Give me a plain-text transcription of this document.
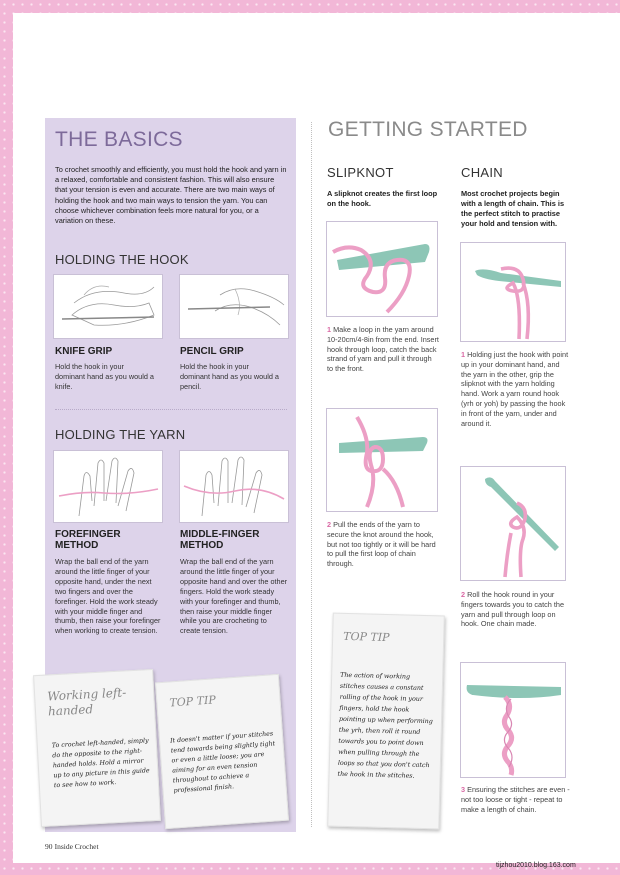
THE BASICS
To crochet smoothly and efficiently, you must hold the hook and yarn in a relaxed, comfortable and consistent fashion. This will also ensure that your tension is even and accurate. There are two main ways of holding the hook and two main ways to tension the yarn. You can choose whichever combination feels more natural for you, or a variation on these.
HOLDING THE HOOK
KNIFE GRIP
Hold the hook in your dominant hand as you would a knife.
PENCIL GRIP
Hold the hook in your dominant hand as you would a pencil.
HOLDING THE YARN
FOREFINGER METHOD
Wrap the ball end of the yarn around the little finger of your opposite hand, under the next two fingers and over the forefinger. Hold the work steady with your middle finger and thumb, then raise your forefinger when working to create tension.
MIDDLE-FINGER METHOD
Wrap the ball end of the yarn around the little finger of your opposite hand and over the other fingers. Hold the work steady with your forefinger and thumb, then raise your middle finger while you are crocheting to create tension.
Working left-handed
To crochet left-handed, simply do the opposite to the right-handed holds. Hold a mirror up to any picture in this guide to see how to work.
TOP TIP
It doesn't matter if your stitches tend towards being slightly tight or even a little loose; you are aiming for an even tension throughout to achieve a professional finish.
GETTING STARTED
SLIPKNOT
A slipknot creates the first loop on the hook.
1 Make a loop in the yarn around 10-20cm/4-8in from the end. Insert hook through loop, catch the back strand of yarn and pull it through to the front.
2 Pull the ends of the yarn to secure the knot around the hook, but not too tightly or it will be hard to pull the first loop of chain through.
TOP TIP
The action of working stitches causes a constant rolling of the hook in your fingers, hold the hook pointing up when performing the yrh, then roll it round towards you to point down when pulling through the loops so that you don't catch the hook in the stitches.
CHAIN
Most crochet projects begin with a length of chain. This is the perfect stitch to practise your hold and tension with.
1 Holding just the hook with point up in your dominant hand, and the yarn in the other, grip the slipknot with the yarn holding hand. Work a yarn round hook (yrh or yoh) by passing the hook in front of the yarn, under and around it.
2 Roll the hook round in your fingers towards you to catch the yarn and pull through loop on hook. One chain made.
3 Ensuring the stitches are even - not too loose or tight - repeat to make a length of chain.
90 Inside Crochet
tijzhou2010.blog.163.com
